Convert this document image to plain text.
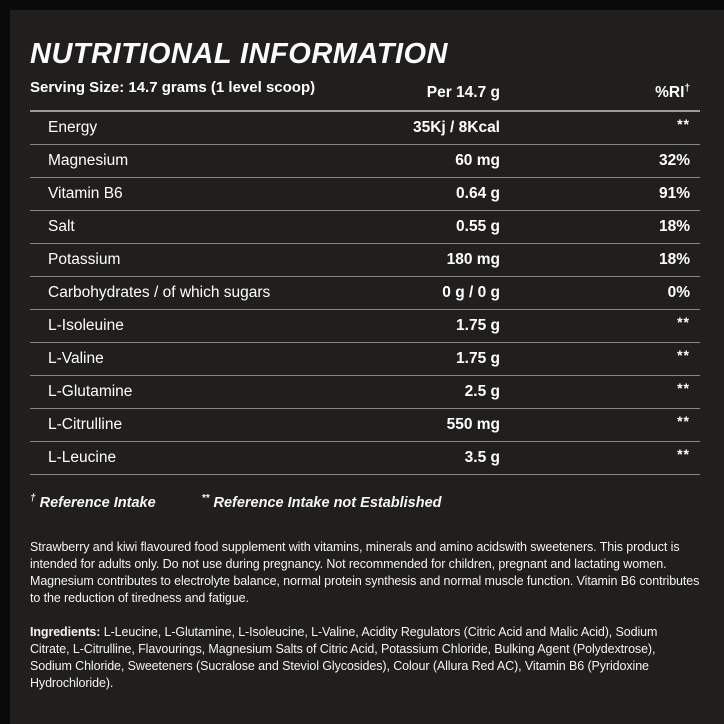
NUTRITIONAL INFORMATION
Serving Size: 14.7 grams (1 level scoop)	Per 14.7 g	%RI†
Energy	35Kj / 8Kcal	**
Magnesium	60 mg	32%
Vitamin B6	0.64 g	91%
Salt	0.55 g	18%
Potassium	180 mg	18%
Carbohydrates / of which sugars	0 g / 0 g	0%
L-Isoleuine	1.75 g	**
L-Valine	1.75 g	**
L-Glutamine	2.5 g	**
L-Citrulline	550 mg	**
L-Leucine	3.5 g	**
† Reference Intake	** Reference Intake not Established

Strawberry and kiwi flavoured food supplement with vitamins, minerals and amino acidswith sweeteners. This product is intended for adults only. Do not use during pregnancy. Not recommended for children, pregnant and lactating women.

Magnesium contributes to electrolyte balance, normal protein synthesis and normal muscle function. Vitamin B6 contributes to the reduction of tiredness and fatigue.

Ingredients: L-Leucine, L-Glutamine, L-Isoleucine, L-Valine, Acidity Regulators (Citric Acid and Malic Acid), Sodium Citrate, L-Citrulline, Flavourings, Magnesium Salts of Citric Acid, Potassium Chloride, Bulking Agent (Polydextrose), Sodium Chloride, Sweeteners (Sucralose and Steviol Glycosides), Colour (Allura Red AC), Vitamin B6 (Pyridoxine Hydrochloride).
